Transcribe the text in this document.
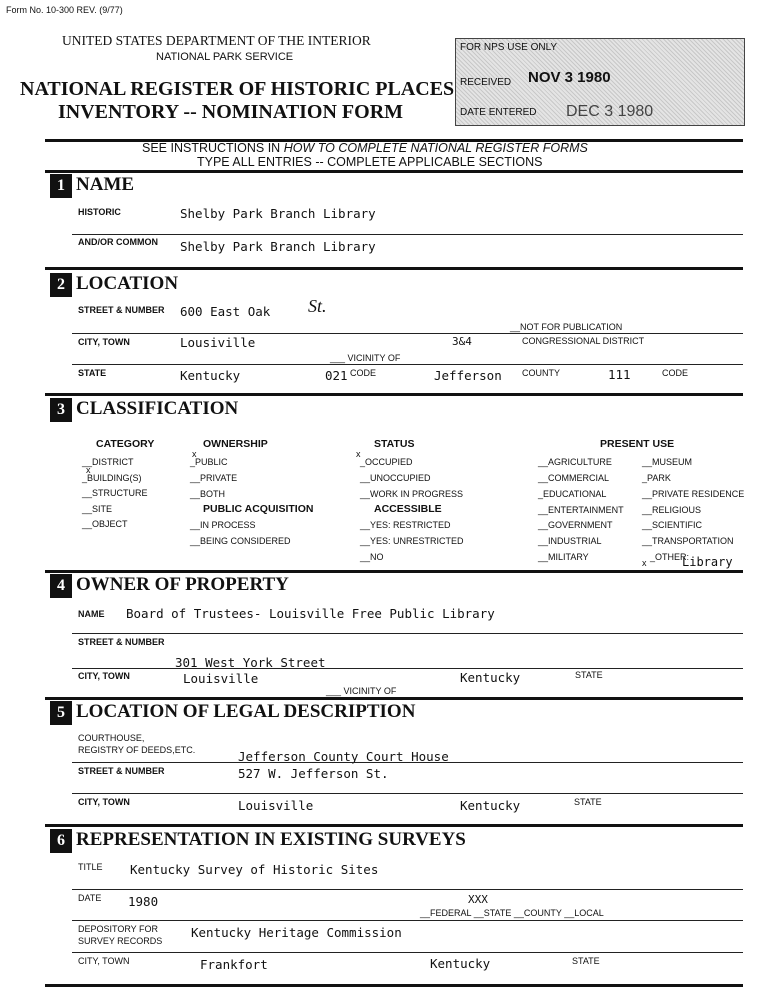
Form No. 10-300 REV. (9/77)
UNITED STATES DEPARTMENT OF THE INTERIOR
NATIONAL PARK SERVICE
NATIONAL REGISTER OF HISTORIC PLACES
INVENTORY -- NOMINATION FORM
FOR NPS USE ONLY
RECEIVED NOV 3 1980
DATE ENTERED DEC 3 1980
SEE INSTRUCTIONS IN HOW TO COMPLETE NATIONAL REGISTER FORMS
TYPE ALL ENTRIES -- COMPLETE APPLICABLE SECTIONS
1 NAME
HISTORIC	Shelby Park Branch Library
AND/OR COMMON Shelby Park Branch Library
2 LOCATION
STREET & NUMBER 600 East Oak St.
__NOT FOR PUBLICATION
CITY, TOWN	Lousiville	3&4	CONGRESSIONAL DISTRICT
___ VICINITY OF
STATE	Kentucky	021 CODE	Jefferson COUNTY	111	CODE
3 CLASSIFICATION
CATEGORY
__DISTRICT
_BUILDING(S)
__STRUCTURE
__SITE
__OBJECT
x
OWNERSHIP
_PUBLIC
x
__PRIVATE
__BOTH
PUBLIC ACQUISITION
__IN PROCESS
__BEING CONSIDERED
STATUS
_OCCUPIED
x
__UNOCCUPIED
__WORK IN PROGRESS
ACCESSIBLE
__YES: RESTRICTED
__YES: UNRESTRICTED
__NO
PRESENT USE
__AGRICULTURE
__COMMERCIAL
_EDUCATIONAL
__ENTERTAINMENT
__GOVERNMENT
__INDUSTRIAL
__MILITARY
__MUSEUM
_PARK
__PRIVATE RESIDENCE
__RELIGIOUS
__SCIENTIFIC
__TRANSPORTATION
_OTHER:
x	Library
4 OWNER OF PROPERTY
NAME Board of Trustees- Louisville Free Public Library
STREET & NUMBER
301 West York Street
CITY, TOWN	Louisville	Kentucky	STATE
___ VICINITY OF
5 LOCATION OF LEGAL DESCRIPTION
COURTHOUSE,
REGISTRY OF DEEDS,ETC.	Jefferson County Court House
STREET & NUMBER	527 W. Jefferson St.
CITY, TOWN	Louisville	Kentucky	STATE
6 REPRESENTATION IN EXISTING SURVEYS
TITLE Kentucky Survey of Historic Sites
DATE 1980	XXX
__FEDERAL __STATE __COUNTY __LOCAL
DEPOSITORY FOR
SURVEY RECORDS
Kentucky Heritage Commission
CITY, TOWN	Frankfort	Kentucky	STATE
